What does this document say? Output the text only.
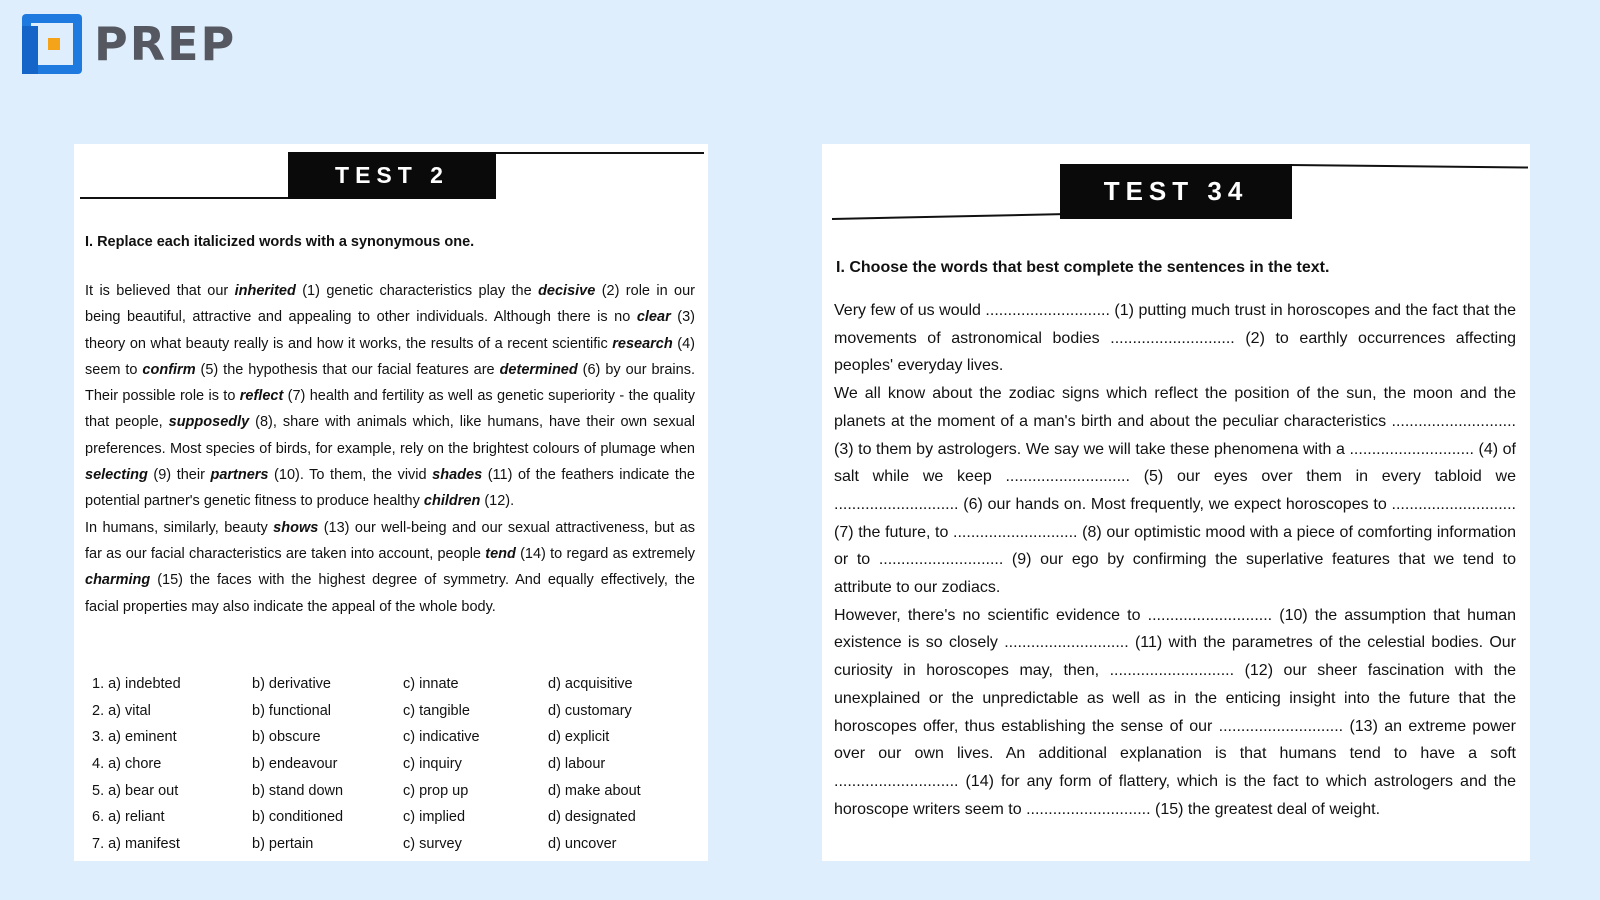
PREP
TEST 2
I. Replace each italicized words with a synonymous one.

It is believed that our inherited (1) genetic characteristics play the decisive (2) role in our being beautiful, attractive and appealing to other individuals. Although there is no clear (3) theory on what beauty really is and how it works, the results of a recent scientific research (4) seem to confirm (5) the hypothesis that our facial features are determined (6) by our brains. Their possible role is to reflect (7) health and fertility as well as genetic superiority - the quality that people, supposedly (8), share with animals which, like humans, have their own sexual preferences. Most species of birds, for example, rely on the brightest colours of plumage when selecting (9) their partners (10). To them, the vivid shades (11) of the feathers indicate the potential partner's genetic fitness to produce healthy children (12).

In humans, similarly, beauty shows (13) our well-being and our sexual attractiveness, but as far as our facial characteristics are taken into account, people tend (14) to regard as extremely charming (15) the faces with the highest degree of symmetry. And equally effectively, the facial properties may also indicate the appeal of the whole body.

1. a) indebted	b) derivative	c) innate	d) acquisitive
2. a) vital	b) functional	c) tangible	d) customary
3. a) eminent	b) obscure	c) indicative	d) explicit
4. a) chore	b) endeavour	c) inquiry	d) labour
5. a) bear out	b) stand down	c) prop up	d) make about
6. a) reliant	b) conditioned	c) implied	d) designated
7. a) manifest	b) pertain	c) survey	d) uncover
TEST 34
I. Choose the words that best complete the sentences in the text.

Very few of us would ............................ (1) putting much trust in horoscopes and the fact that the movements of astronomical bodies ............................ (2) to earthly occurrences affecting peoples' everyday lives.

We all know about the zodiac signs which reflect the position of the sun, the moon and the planets at the moment of a man's birth and about the peculiar characteristics ............................ (3) to them by astrologers. We say we will take these phenomena with a ............................ (4) of salt while we keep ............................ (5) our eyes over them in every tabloid we ............................ (6) our hands on. Most frequently, we expect horoscopes to ............................ (7) the future, to ............................ (8) our optimistic mood with a piece of comforting information or to ............................ (9) our ego by confirming the superlative features that we tend to attribute to our zodiacs.

However, there's no scientific evidence to ............................ (10) the assumption that human existence is so closely ............................ (11) with the parametres of the celestial bodies. Our curiosity in horoscopes may, then, ............................ (12) our sheer fascination with the unexplained or the unpredictable as well as in the enticing insight into the future that the horoscopes offer, thus establishing the sense of our ............................ (13) an extreme power over our own lives. An additional explanation is that humans tend to have a soft ............................ (14) for any form of flattery, which is the fact to which astrologers and the horoscope writers seem to ............................ (15) the greatest deal of weight.
